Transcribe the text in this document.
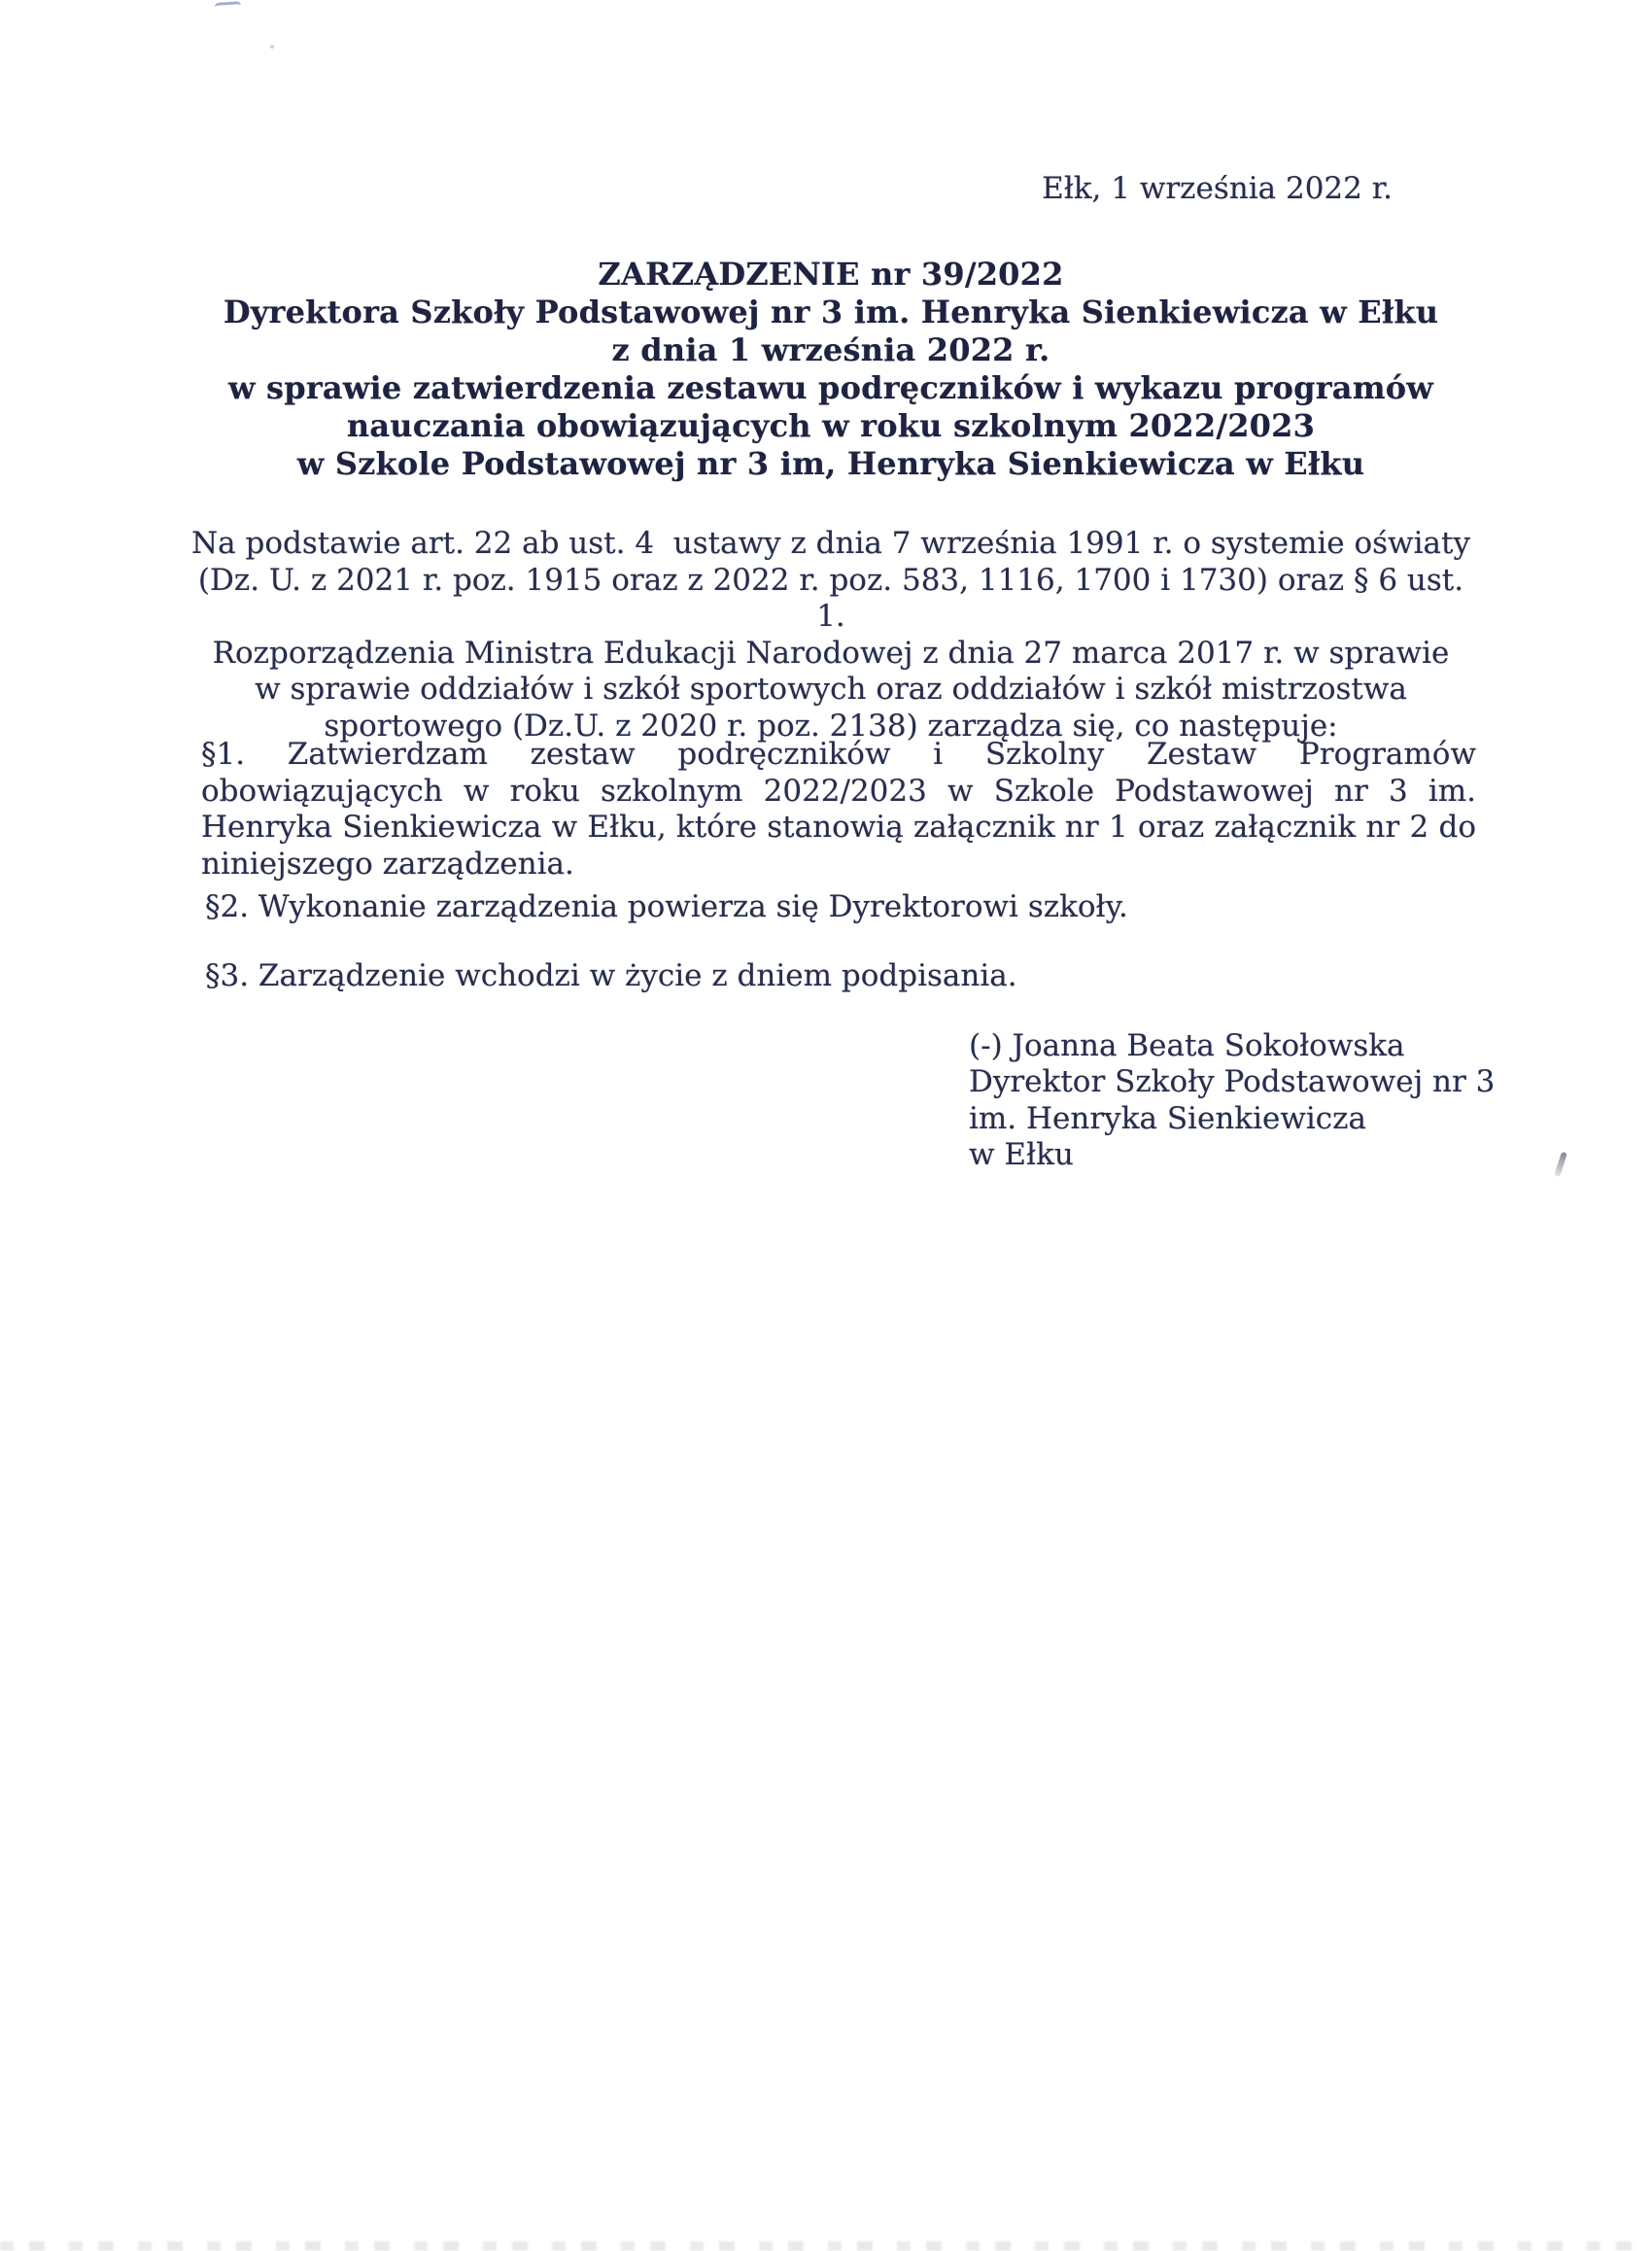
Ełk, 1 września 2022 r.
ZARZĄDZENIE nr 39/2022
Dyrektora Szkoły Podstawowej nr 3 im. Henryka Sienkiewicza w Ełku
z dnia 1 września 2022 r.
w sprawie zatwierdzenia zestawu podręczników i wykazu programów
nauczania obowiązujących w roku szkolnym 2022/2023
w Szkole Podstawowej nr 3 im, Henryka Sienkiewicza w Ełku
Na podstawie art. 22 ab ust. 4  ustawy z dnia 7 września 1991 r. o systemie oświaty
(Dz. U. z 2021 r. poz. 1915 oraz z 2022 r. poz. 583, 1116, 1700 i 1730) oraz § 6 ust. 1.
Rozporządzenia Ministra Edukacji Narodowej z dnia 27 marca 2017 r. w sprawie
w sprawie oddziałów i szkół sportowych oraz oddziałów i szkół mistrzostwa
sportowego (Dz.U. z 2020 r. poz. 2138) zarządza się, co następuje:
§1. Zatwierdzam zestaw podręczników i Szkolny Zestaw Programów obowiązujących w roku szkolnym 2022/2023 w Szkole Podstawowej nr 3 im. Henryka Sienkiewicza w Ełku, które stanowią załącznik nr 1 oraz załącznik nr 2 do niniejszego zarządzenia.
§2. Wykonanie zarządzenia powierza się Dyrektorowi szkoły.
§3. Zarządzenie wchodzi w życie z dniem podpisania.
(-) Joanna Beata Sokołowska
Dyrektor Szkoły Podstawowej nr 3
im. Henryka Sienkiewicza
w Ełku
